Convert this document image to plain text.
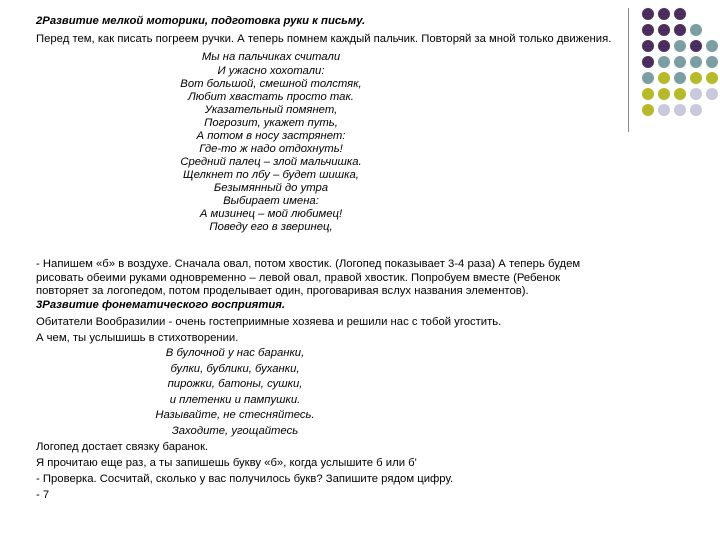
2Развитие мелкой моторики, подготовка руки к письму.
Перед тем, как писать погреем ручки. А теперь помнем каждый пальчик. Повторяй за мной только движения.
Мы на пальчиках считали
И ужасно хохотали:
Вот большой, смешной толстяк,
Любит хвастать просто так.
Указательный помянет,
Погрозит, укажет путь,
А потом в носу застрянет:
Где-то ж надо отдохнуть!
Средний палец – злой мальчишка.
Щелкнет по лбу – будет шишка,
Безымянный до утра
Выбирает имена:
А мизинец – мой любимец!
Поведу его в зверинец,
- Напишем «б» в воздухе. Сначала овал, потом хвостик. (Логопед показывает 3-4 раза) А теперь будем
рисовать обеими руками одновременно – левой овал, правой хвостик. Попробуем вместе (Ребенок
повторяет за логопедом, потом проделывает один, проговаривая вслух названия элементов).
3Развитие фонематического восприятия.
Обитатели Вообразилии - очень гостеприимные хозяева и решили нас с тобой угостить.
А чем, ты услышишь в стихотворении.
В булочной у нас баранки,
булки, бублики, буханки,
пирожки, батоны, сушки,
и плетенки и пампушки.
Называйте, не стесняйтесь.
Заходите, угощайтесь
Логопед достает связку баранок.
Я прочитаю еще раз, а ты запишешь букву «б», когда услышите б или б'
- Проверка. Сосчитай, сколько у вас получилось букв? Запишите рядом цифру.
- 7
